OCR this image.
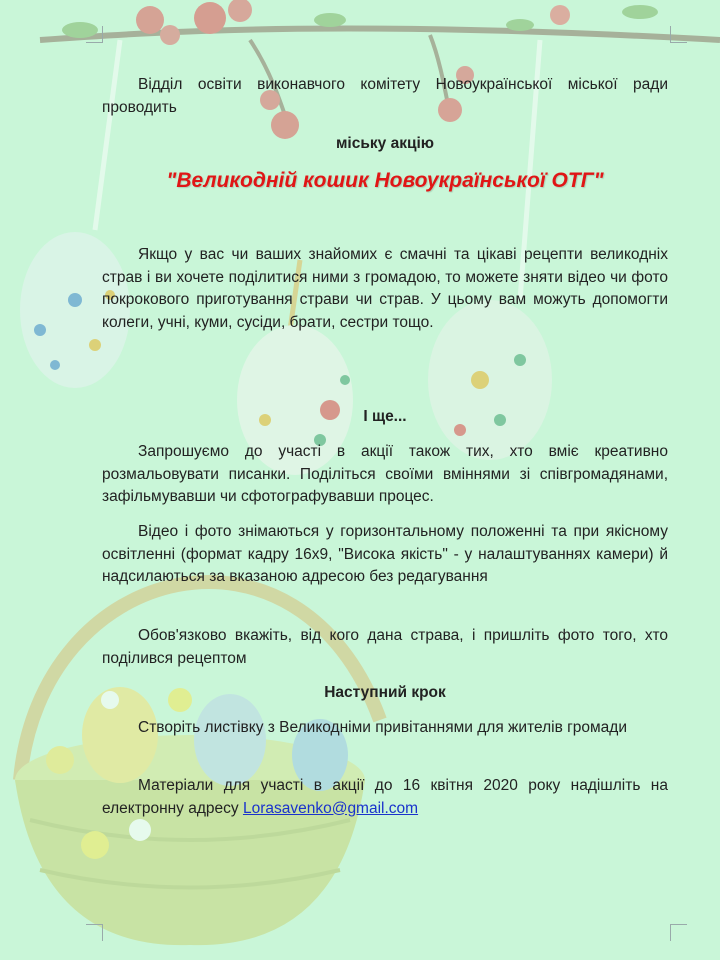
Відділ освіти виконавчого комітету Новоукраїнської міської ради проводить

міську акцію

"Великодній кошик Новоукраїнської ОТГ"

Якщо у вас чи ваших знайомих є смачні та цікаві рецепти великодніх страв і ви хочете поділитися ними з громадою, то можете зняти відео чи фото покрокового приготування страви чи страв. У цьому вам можуть допомогти колеги, учні, куми, сусіди, брати, сестри тощо.

І ще...

Запрошуємо до участі в акції також тих, хто вміє креативно розмальовувати писанки. Поділіться своїми вміннями зі співгромадянами, зафільмувавши чи сфотографувавши процес.

Відео і фото знімаються у горизонтальному положенні та при якісному освітленні (формат кадру 16х9, "Висока якість" - у налаштуваннях камери) й надсилаються за вказаною адресою без редагування

Обов'язково вкажіть, від кого дана страва, і пришліть фото того, хто поділився рецептом

Наступний крок

Створіть листівку з Великодніми привітаннями для жителів громади

Матеріали для участі в акції до 16 квітня 2020 року надішліть на електронну адресу Lorasavenko@gmail.com
